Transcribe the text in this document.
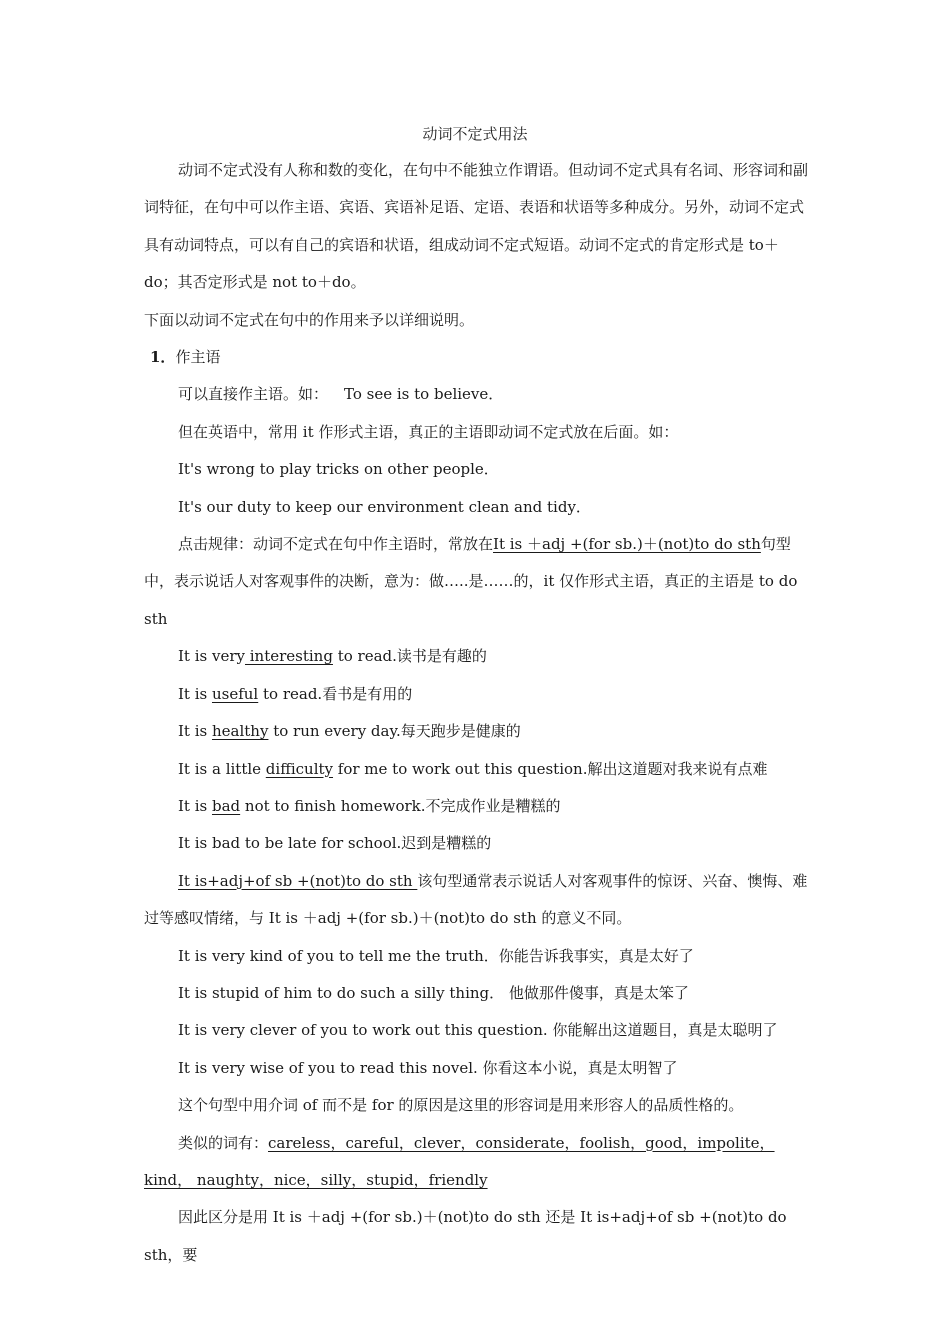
动词不定式用法

动词不定式没有人称和数的变化，在句中不能独立作谓语。但动词不定式具有名词、形容词和副词特征，在句中可以作主语、宾语、宾语补足语、定语、表语和状语等多种成分。另外，动词不定式具有动词特点，可以有自己的宾语和状语，组成动词不定式短语。动词不定式的肯定形式是 to＋do；其否定形式是 not to＋do。

下面以动词不定式在句中的作用来予以详细说明。

1．作主语

可以直接作主语。如： To see is to believe．

但在英语中，常用 it 作形式主语，真正的主语即动词不定式放在后面。如：

It's wrong to play tricks on other people．

It's our duty to keep our environment clean and tidy．

点击规律：动词不定式在句中作主语时，常放在It is ＋adj +(for sb.)＋(not)to do sth句型中，表示说话人对客观事件的决断，意为：做…..是……的，it 仅作形式主语，真正的主语是 to do sth

It is very interesting to read.读书是有趣的

It is useful to read.看书是有用的

It is healthy to run every day.每天跑步是健康的

It is a little difficulty for me to work out this question.解出这道题对我来说有点难

It is bad not to finish homework.不完成作业是糟糕的

It is bad to be late for school.迟到是糟糕的

It is+adj+of sb +(not)to do sth 该句型通常表示说话人对客观事件的惊讶、兴奋、懊悔、难过等感叹情绪，与 It is ＋adj +(for sb.)＋(not)to do sth 的意义不同。

It is very kind of you to tell me the truth．你能告诉我事实，真是太好了

It is stupid of him to do such a silly thing． 他做那件傻事，真是太笨了

It is very clever of you to work out this question. 你能解出这道题目，真是太聪明了

It is very wise of you to read this novel. 你看这本小说，真是太明智了

这个句型中用介词 of 而不是 for 的原因是这里的形容词是用来形容人的品质性格的。

类似的词有：careless，careful，clever，considerate，foolish，good，impolite，kind， naughty，nice，silly，stupid，friendly

因此区分是用 It is ＋adj +(for sb.)＋(not)to do sth 还是 It is+adj+of sb +(not)to do sth，要
